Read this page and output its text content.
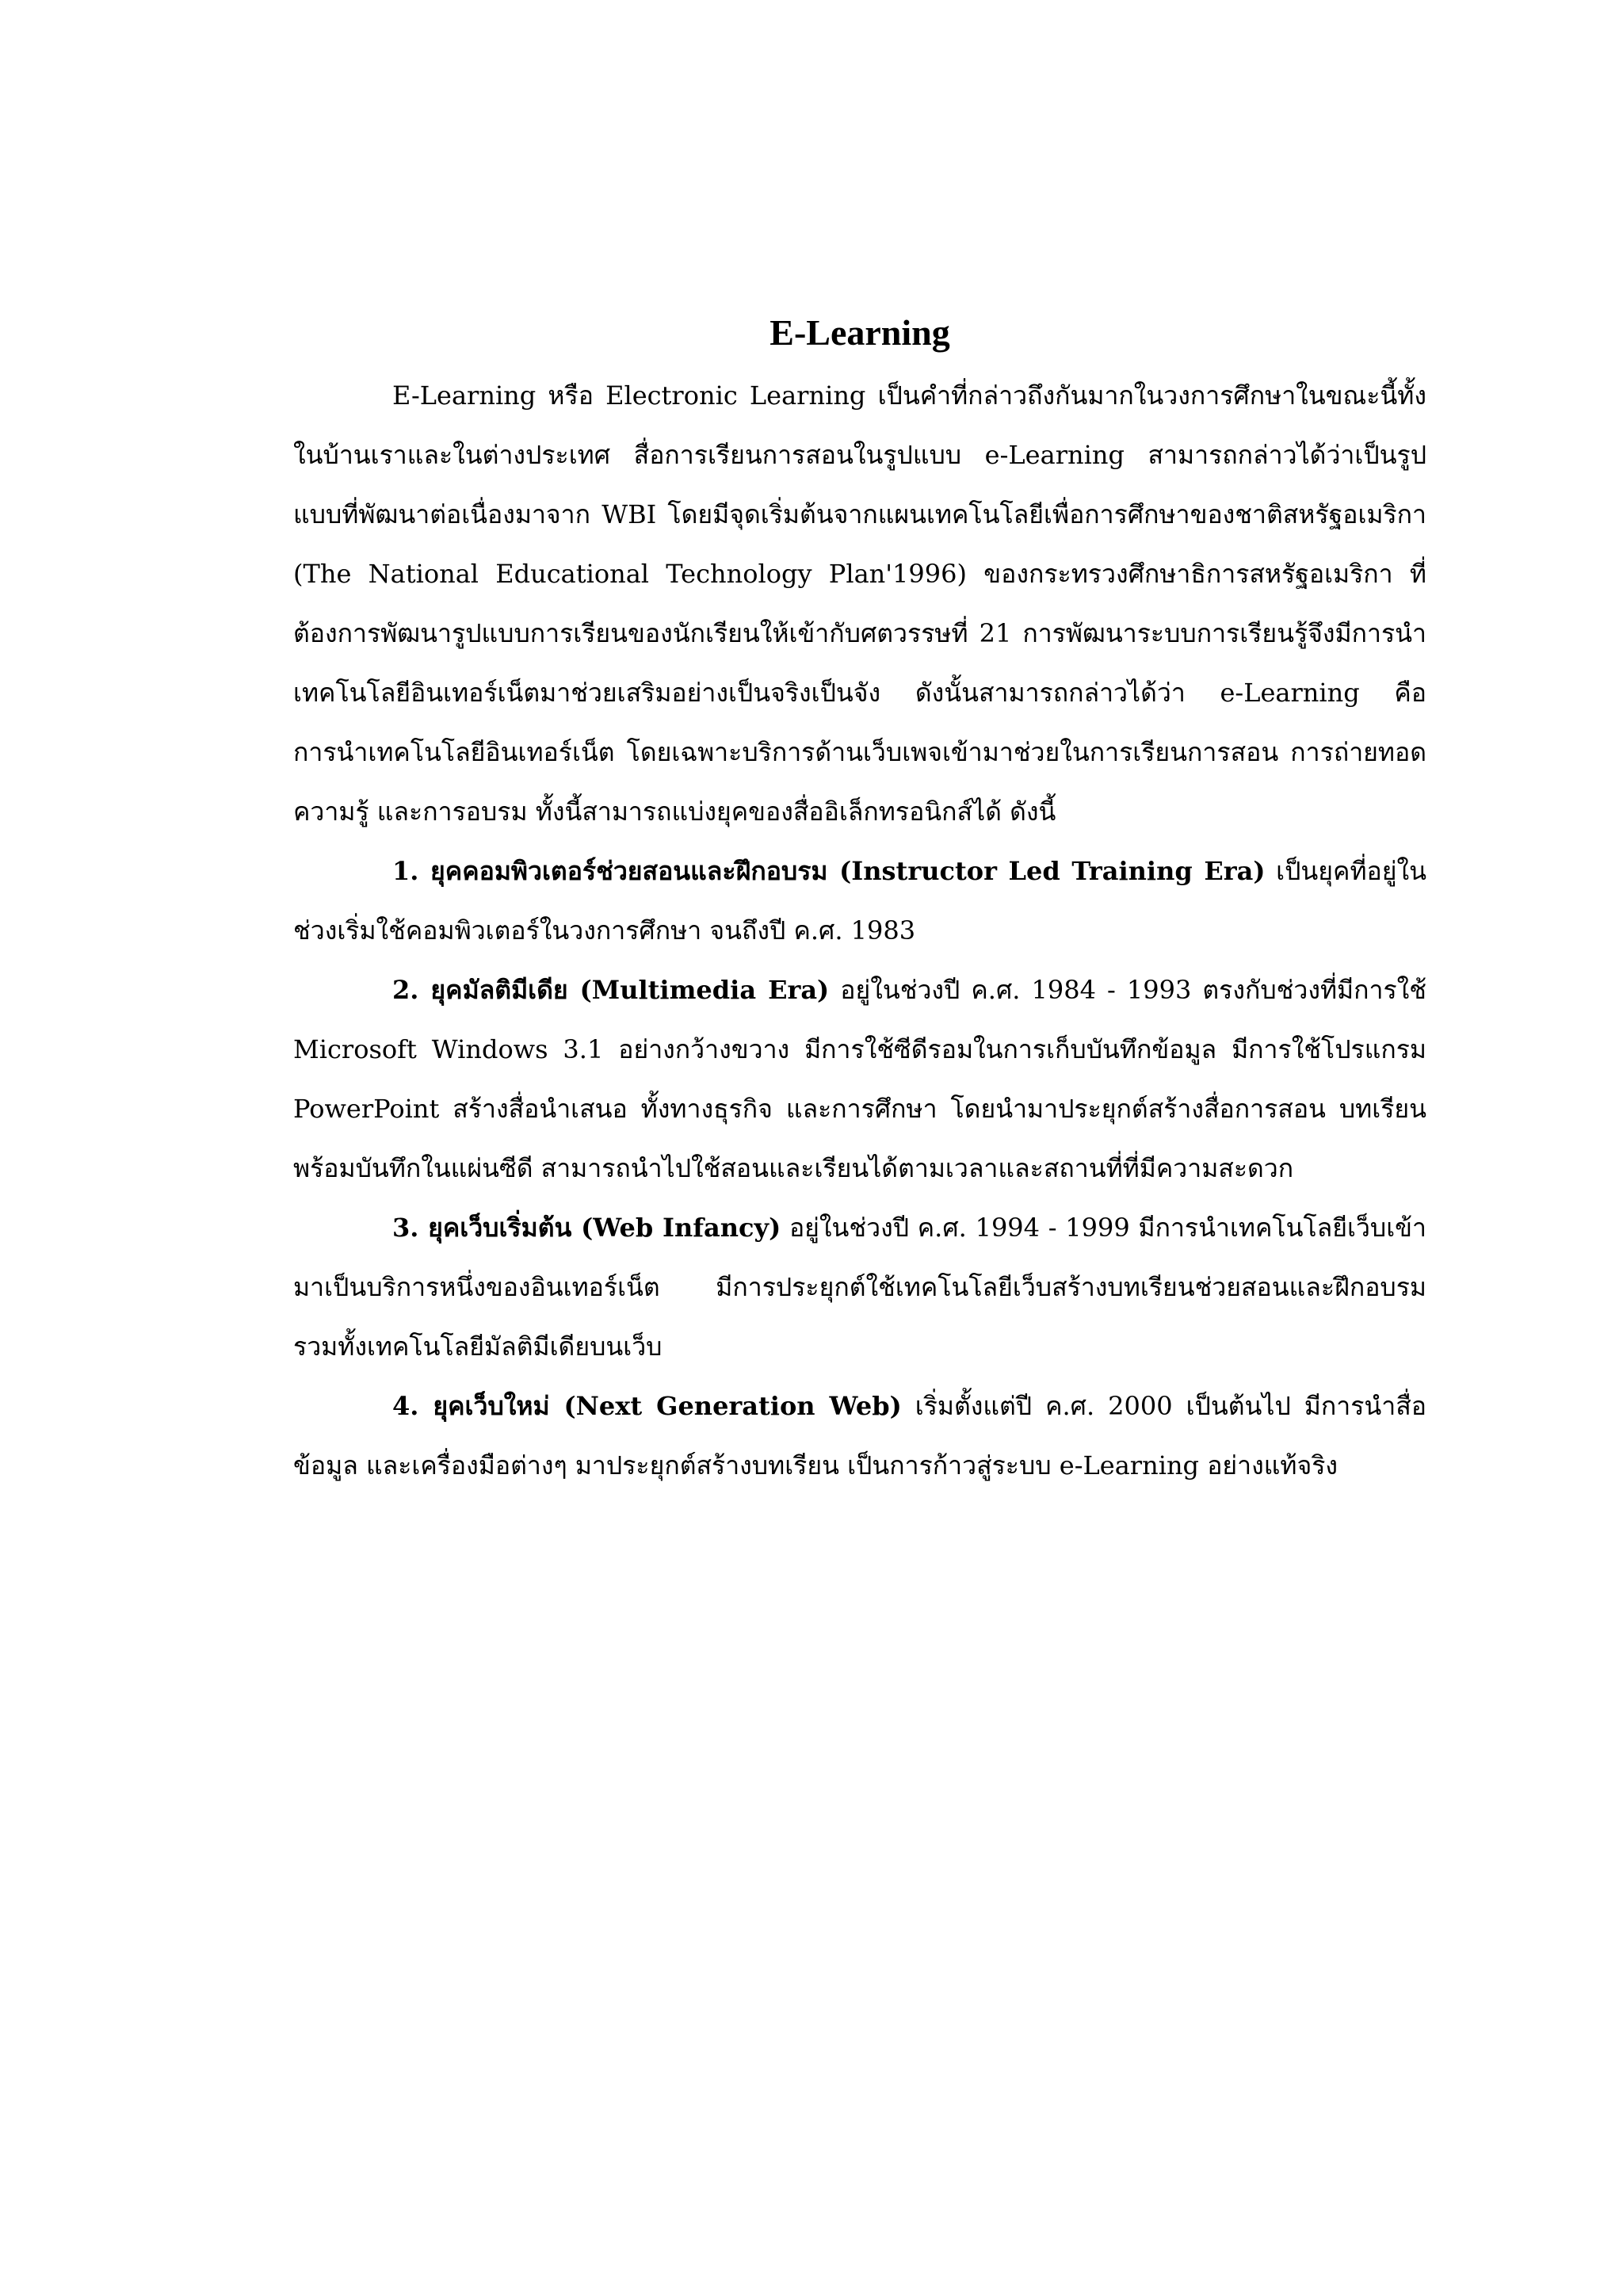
E-Learning

E-Learning หรือ Electronic Learning เป็นคำที่กล่าวถึงกันมากในวงการศึกษาในขณะนี้ทั้งในบ้านเราและในต่างประเทศ สื่อการเรียนการสอนในรูปแบบ e-Learning สามารถกล่าวได้ว่าเป็นรูปแบบที่พัฒนาต่อเนื่องมาจาก WBI โดยมีจุดเริ่มต้นจากแผนเทคโนโลยีเพื่อการศึกษาของชาติสหรัฐอเมริกา (The National Educational Technology Plan'1996) ของกระทรวงศึกษาธิการสหรัฐอเมริกา ที่ต้องการพัฒนารูปแบบการเรียนของนักเรียนให้เข้ากับศตวรรษที่ 21 การพัฒนาระบบการเรียนรู้จึงมีการนำเทคโนโลยีอินเทอร์เน็ตมาช่วยเสริมอย่างเป็นจริงเป็นจัง ดังนั้นสามารถกล่าวได้ว่า e-Learning คือ การนำเทคโนโลยีอินเทอร์เน็ต โดยเฉพาะบริการด้านเว็บเพจเข้ามาช่วยในการเรียนการสอน การถ่ายทอดความรู้ และการอบรม ทั้งนี้สามารถแบ่งยุคของสื่ออิเล็กทรอนิกส์ได้ ดังนี้

1. ยุคคอมพิวเตอร์ช่วยสอนและฝึกอบรม (Instructor Led Training Era) เป็นยุคที่อยู่ในช่วงเริ่มใช้คอมพิวเตอร์ในวงการศึกษา จนถึงปี ค.ศ. 1983

2. ยุคมัลติมีเดีย (Multimedia Era) อยู่ในช่วงปี ค.ศ. 1984 - 1993 ตรงกับช่วงที่มีการใช้ Microsoft Windows 3.1 อย่างกว้างขวาง มีการใช้ซีดีรอมในการเก็บบันทึกข้อมูล มีการใช้โปรแกรม PowerPoint สร้างสื่อนำเสนอ ทั้งทางธุรกิจ และการศึกษา โดยนำมาประยุกต์สร้างสื่อการสอน บทเรียน พร้อมบันทึกในแผ่นซีดี สามารถนำไปใช้สอนและเรียนได้ตามเวลาและสถานที่ที่มีความสะดวก

3. ยุคเว็บเริ่มต้น (Web Infancy) อยู่ในช่วงปี ค.ศ. 1994 - 1999 มีการนำเทคโนโลยีเว็บเข้ามาเป็นบริการหนึ่งของอินเทอร์เน็ต มีการประยุกต์ใช้เทคโนโลยีเว็บสร้างบทเรียนช่วยสอนและฝึกอบรม รวมทั้งเทคโนโลยีมัลติมีเดียบนเว็บ

4. ยุคเว็บใหม่ (Next Generation Web) เริ่มตั้งแต่ปี ค.ศ. 2000 เป็นต้นไป มีการนำสื่อข้อมูล และเครื่องมือต่างๆ มาประยุกต์สร้างบทเรียน เป็นการก้าวสู่ระบบ e-Learning อย่างแท้จริง
